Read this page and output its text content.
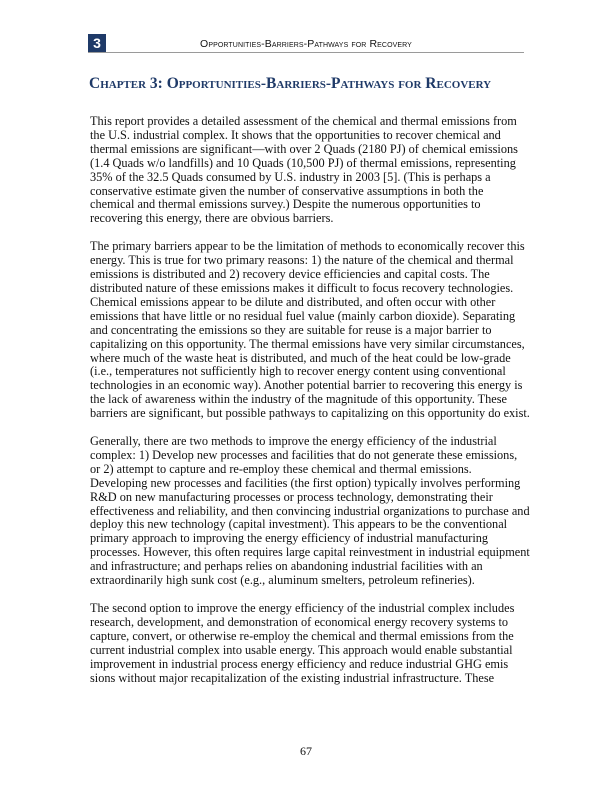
3	Opportunities-Barriers-Pathways for Recovery
Chapter 3: Opportunities-Barriers-Pathways for Recovery

This report provides a detailed assessment of the chemical and thermal emissions from the U.S. industrial complex. It shows that the opportunities to recover chemical and thermal emissions are significant—with over 2 Quads (2180 PJ) of chemical emissions (1.4 Quads w/o landfills) and 10 Quads (10,500 PJ) of thermal emissions, representing 35% of the 32.5 Quads consumed by U.S. industry in 2003 [5]. (This is perhaps a conservative estimate given the number of conservative assumptions in both the chemical and thermal emissions survey.) Despite the numerous opportunities to recovering this energy, there are obvious barriers.

The primary barriers appear to be the limitation of methods to economically recover this energy. This is true for two primary reasons: 1) the nature of the chemical and thermal emissions is distributed and 2) recovery device efficiencies and capital costs. The distributed nature of these emissions makes it difficult to focus recovery technologies. Chemical emissions appear to be dilute and distributed, and often occur with other emissions that have little or no residual fuel value (mainly carbon dioxide). Separating and concentrating the emissions so they are suitable for reuse is a major barrier to capitalizing on this opportunity. The thermal emissions have very similar circumstances, where much of the waste heat is distributed, and much of the heat could be low-grade (i.e., temperatures not sufficiently high to recover energy content using conventional technologies in an economic way). Another potential barrier to recovering this energy is the lack of awareness within the industry of the magnitude of this opportunity. These barriers are significant, but possible pathways to capitalizing on this opportunity do exist.

Generally, there are two methods to improve the energy efficiency of the industrial complex: 1) Develop new processes and facilities that do not generate these emissions, or 2) attempt to capture and re-employ these chemical and thermal emissions. Developing new processes and facilities (the first option) typically involves performing R&D on new manufacturing processes or process technology, demonstrating their effectiveness and reliability, and then convincing industrial organizations to purchase and deploy this new technology (capital investment). This appears to be the conventional primary approach to improving the energy efficiency of industrial manufacturing processes. However, this often requires large capital reinvestment in industrial equipment and infrastructure; and perhaps relies on abandoning industrial facilities with an extraordinarily high sunk cost (e.g., aluminum smelters, petroleum refineries).

The second option to improve the energy efficiency of the industrial complex includes research, development, and demonstration of economical energy recovery systems to capture, convert, or otherwise re-employ the chemical and thermal emissions from the current industrial complex into usable energy. This approach would enable substantial improvement in industrial process energy efficiency and reduce industrial GHG emis sions without major recapitalization of the existing industrial infrastructure. These

67
